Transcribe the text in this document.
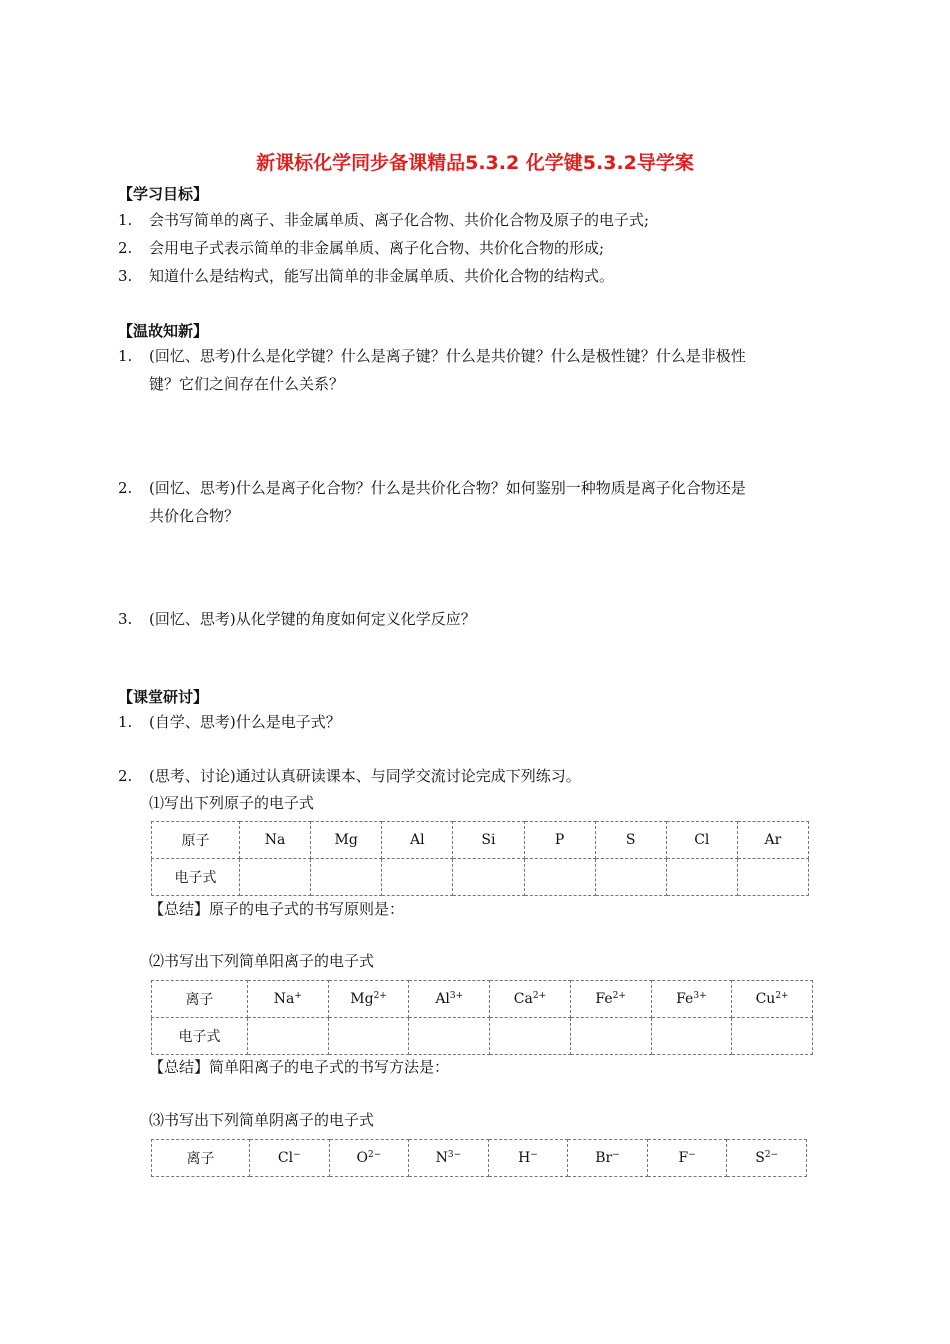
新课标化学同步备课精品5.3.2 化学键5.3.2导学案
【学习目标】
1. 会书写简单的离子、非金属单质、离子化合物、共价化合物及原子的电子式;
2. 会用电子式表示简单的非金属单质、离子化合物、共价化合物的形成;
3. 知道什么是结构式，能写出简单的非金属单质、共价化合物的结构式。
【温故知新】
1. (回忆、思考)什么是化学键？什么是离子键？什么是共价键？什么是极性键？什么是非极性
键？它们之间存在什么关系？
2. (回忆、思考)什么是离子化合物？什么是共价化合物？如何鉴别一种物质是离子化合物还是
共价化合物？
3. (回忆、思考)从化学键的角度如何定义化学反应？
【课堂研讨】
1. (自学、思考)什么是电子式？
2. (思考、讨论)通过认真研读课本、与同学交流讨论完成下列练习。
⑴写出下列原子的电子式
原子	Na	Mg	Al	Si	P	S	Cl	Ar
电子式								
【总结】原子的电子式的书写原则是：
⑵书写出下列简单阳离子的电子式
离子	Na+	$Mg^{2+}$	$Al^{3+}$	$Ca^{2+}$	$Fe^{2+}$	$Fe^{3+}$	$Cu^{2+}$
电子式							
【总结】简单阳离子的电子式的书写方法是：
⑶书写出下列简单阴离子的电子式
离子	Cl−	$O^{2-}$	$N^{3-}$	H−	Br−	F−	$S^{2-}$
